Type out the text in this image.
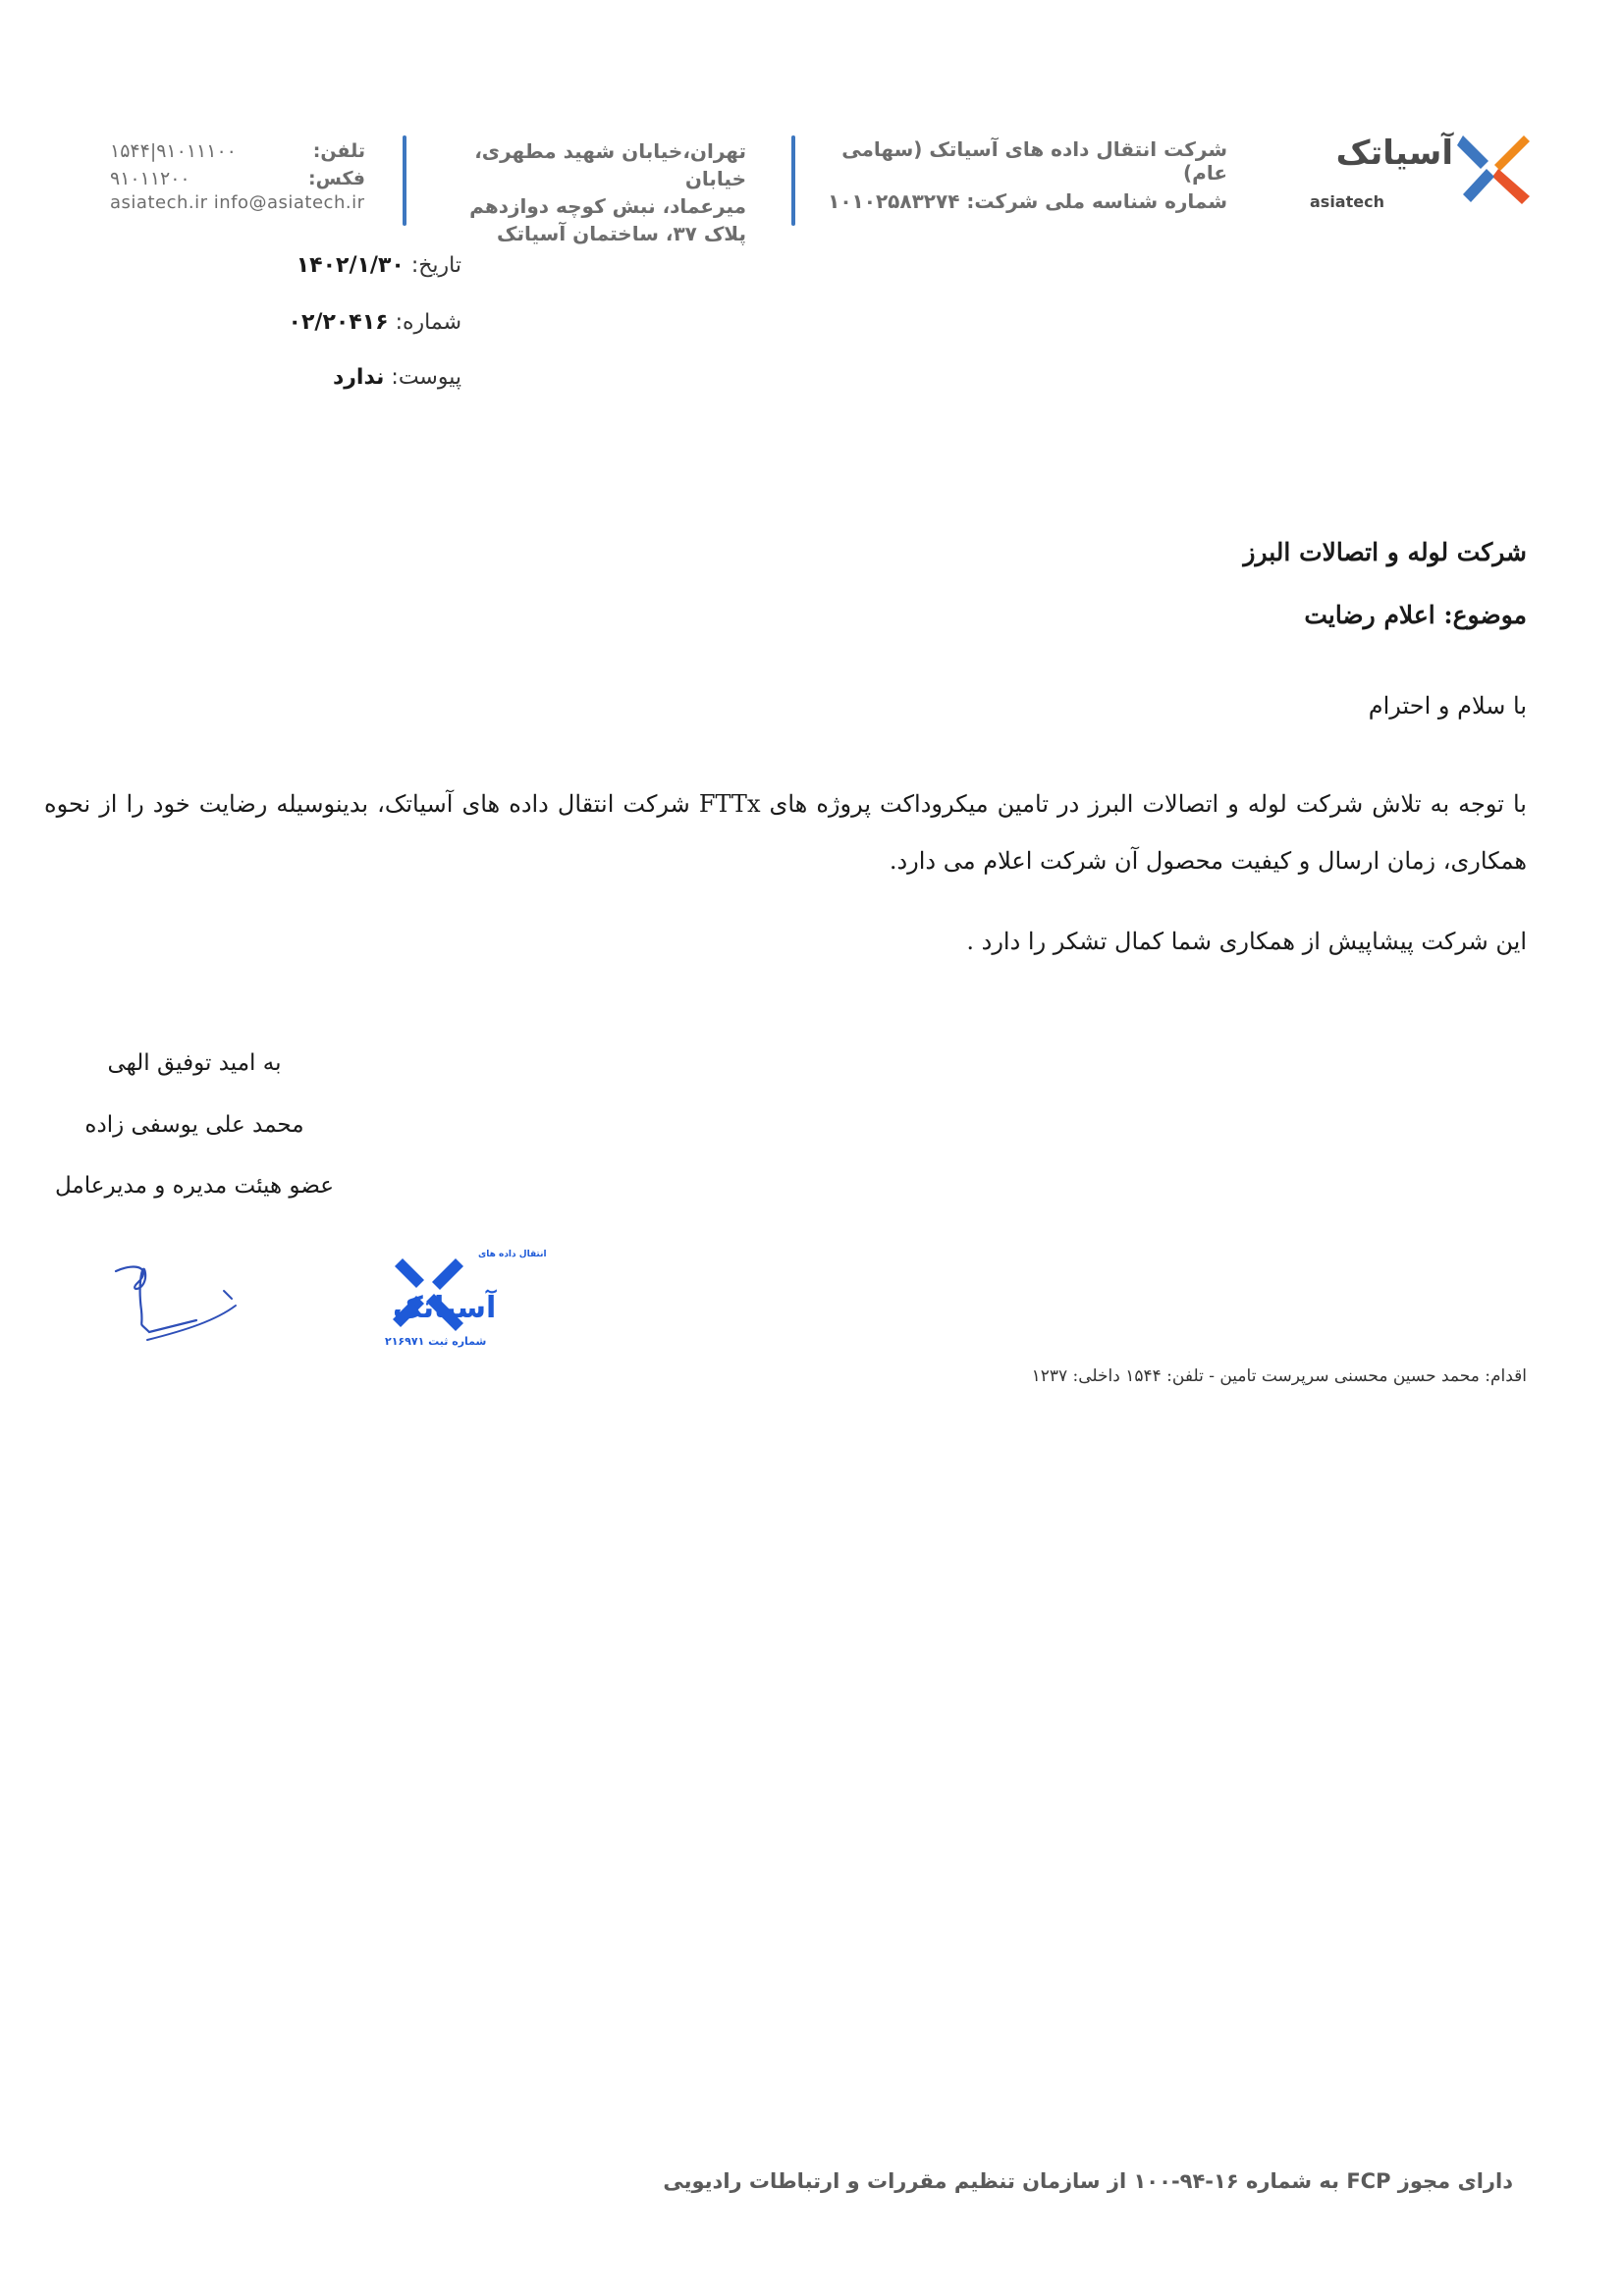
آسیاتک
asiatech
شرکت انتقال داده های آسیاتک (سهامی عام)
شماره شناسه ملی شرکت: ۱۰۱۰۲۵۸۳۲۷۴
تهران،خیابان شهید مطهری، خیابان
میرعماد، نبش کوچه دوازدهم
پلاک ۳۷، ساختمان آسیاتک
۱۵۴۴|۹۱۰۱۱۱۰۰	تلفن:
۹۱۰۱۱۲۰۰	فکس:
asiatech.ir info@asiatech.ir
تاریخ: ۱۴۰۲/۱/۳۰
شماره: ۰۲/۲۰۴۱۶
پیوست: ندارد
شرکت لوله و اتصالات البرز
موضوع: اعلام رضایت
با سلام و احترام
با توجه به تلاش شرکت لوله و اتصالات البرز در تامین میکروداکت پروژه های FTTx شرکت انتقال داده های آسیاتک، بدینوسیله رضایت خود را از نحوه همکاری، زمان ارسال و کیفیت محصول آن شرکت اعلام می دارد.
این شرکت پیشاپیش از همکاری شما کمال تشکر را دارد .
به امید توفیق الهی
محمد علی یوسفی زاده
عضو هیئت مدیره و مدیرعامل
آسیاتک
انتقال داده های
شماره ثبت ۲۱۶۹۷۱
اقدام: محمد حسین محسنی سرپرست تامین - تلفن: ۱۵۴۴ داخلی: ۱۲۳۷
دارای مجوز FCP به شماره ۱۶-۹۴-۱۰۰ از سازمان تنظیم مقررات و ارتباطات رادیویی
